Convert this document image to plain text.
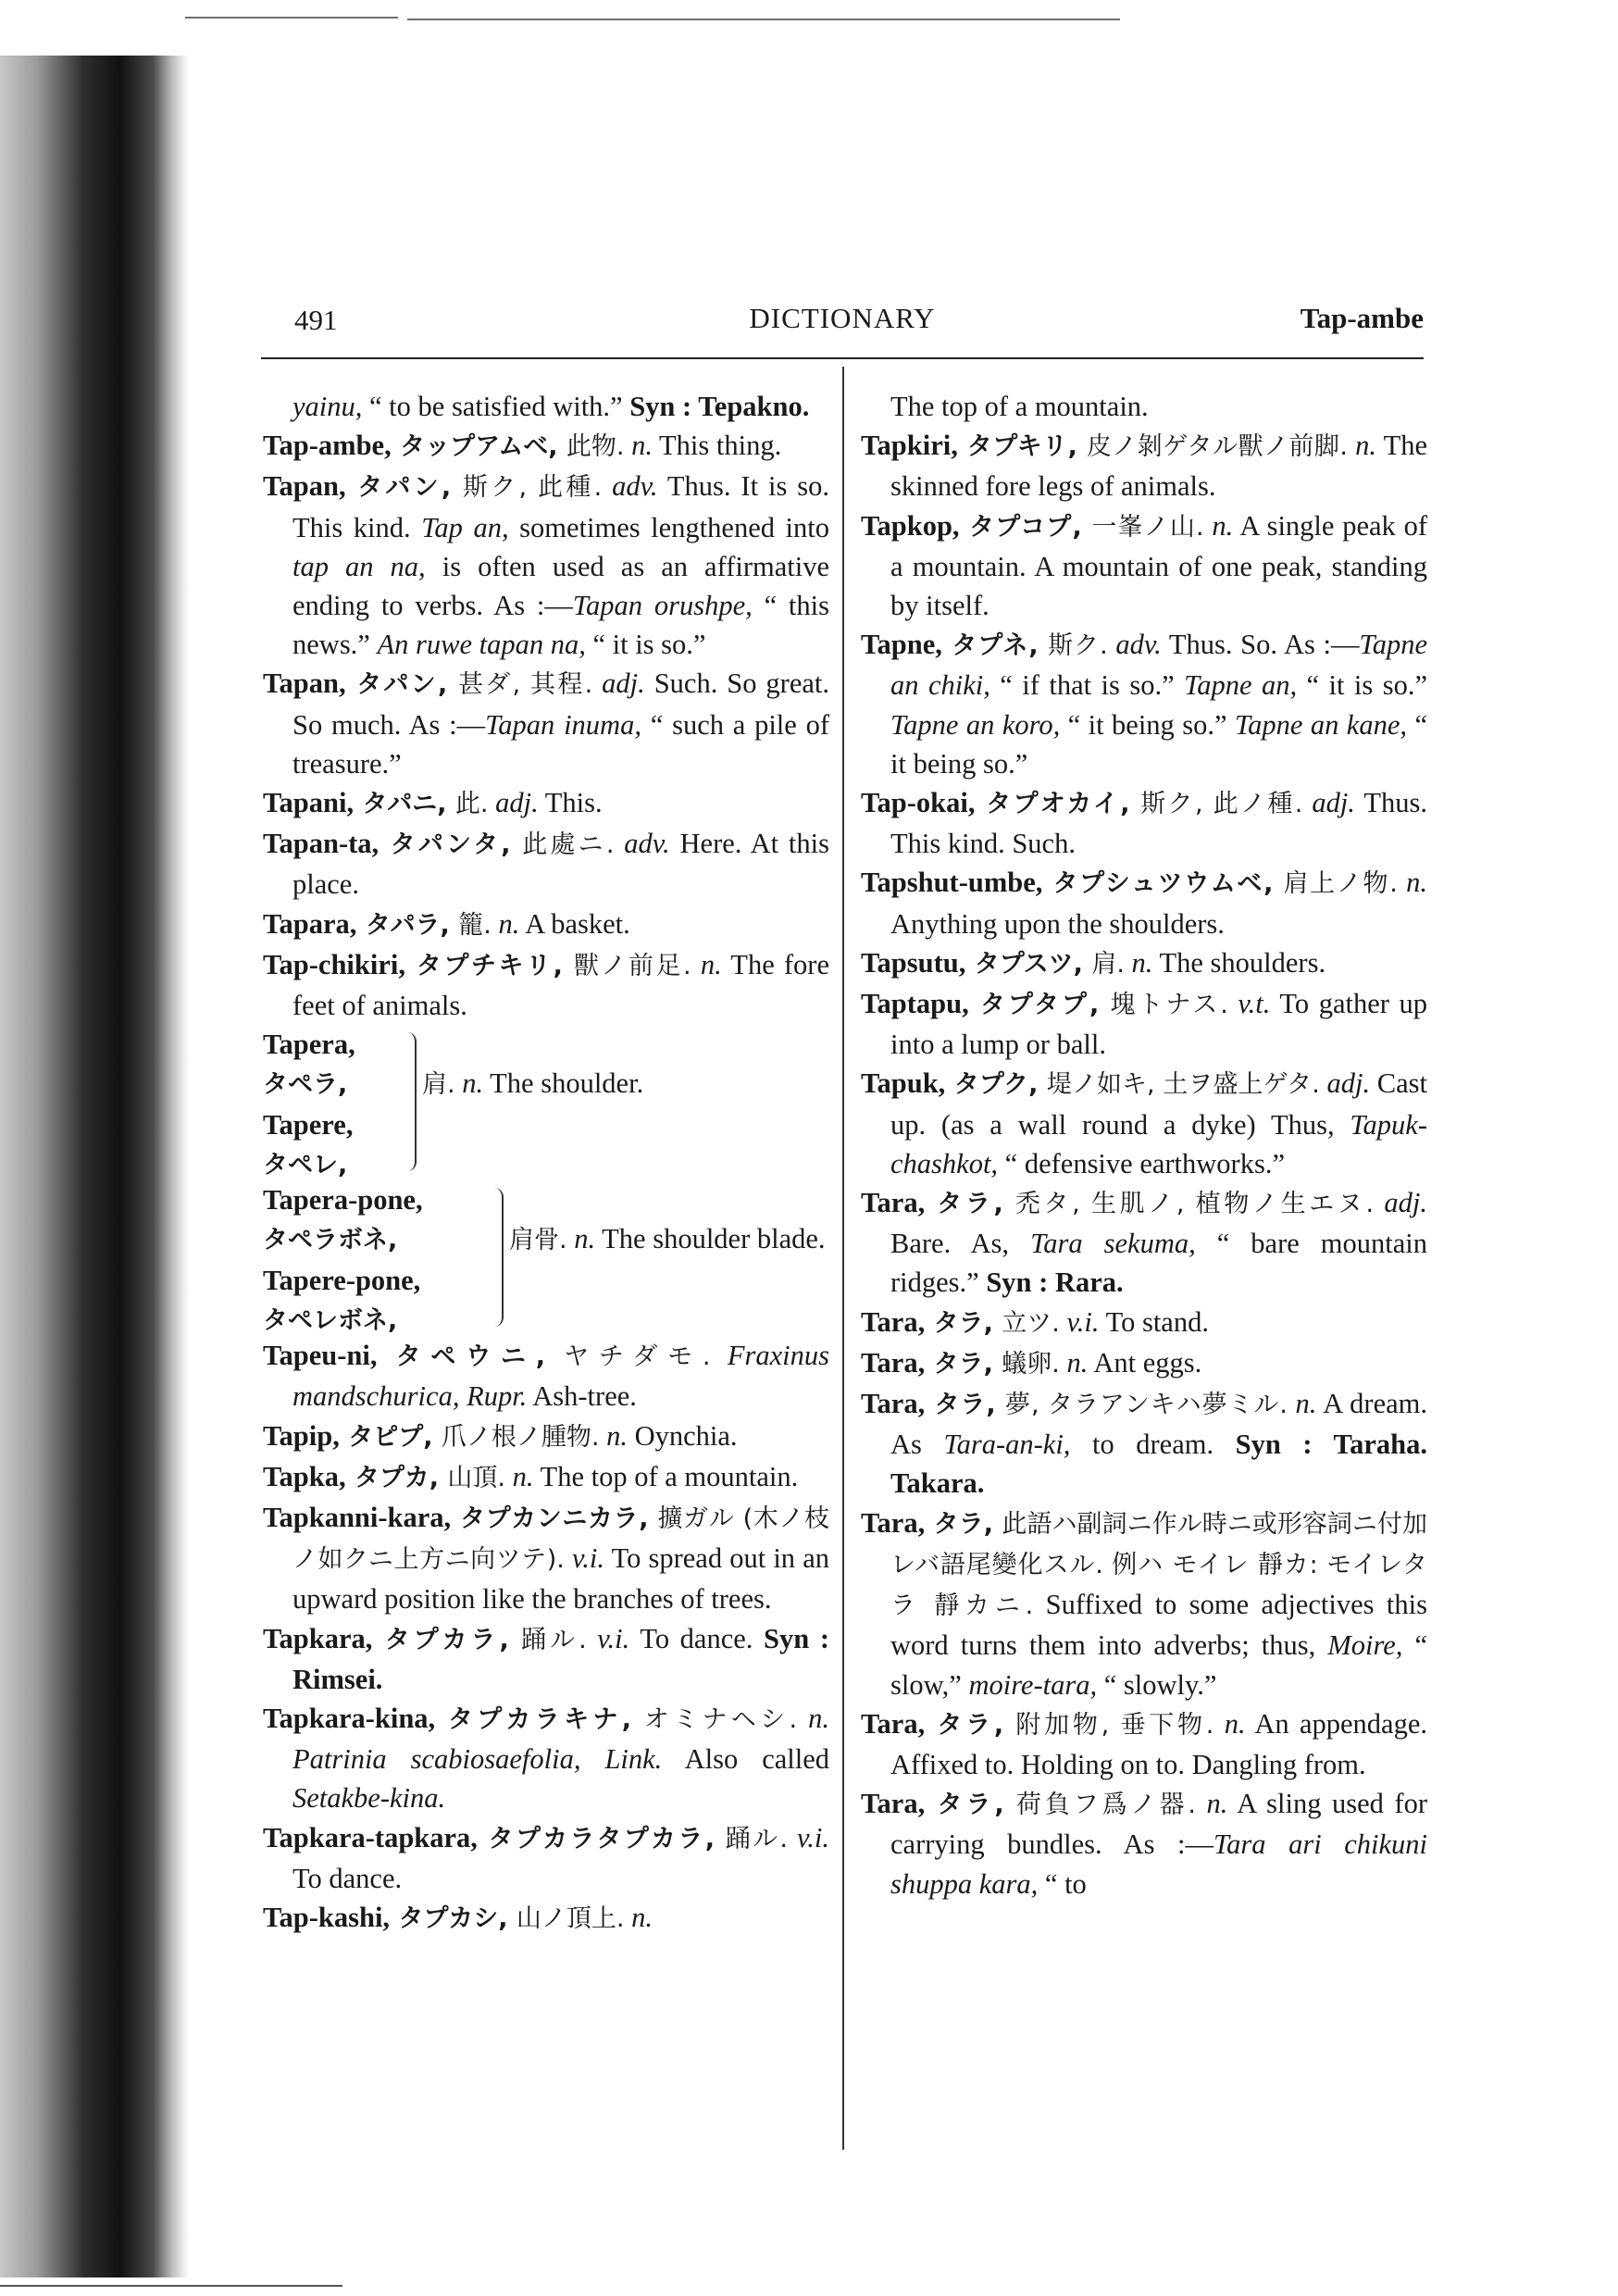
491	DICTIONARY	Tap-ambe
yainu, “ to be satisfied with.” Syn : Tepakno.
Tap-ambe, タップアムベ, 此物. n. This thing.
Tapan, タパン, 斯ク, 此種. adv. Thus. It is so. This kind. Tap an, sometimes lengthened into tap an na, is often used as an affirmative ending to verbs. As :—Tapan orushpe, “ this news.” An ruwe tapan na, “ it is so.”
Tapan, タパン, 甚ダ, 其程. adj. Such. So great. So much. As :—Tapan inuma, “ such a pile of treasure.”
Tapani, タパニ, 此. adj. This.
Tapan-ta, タパンタ, 此處ニ. adv. Here. At this place.
Tapara, タパラ, 籠. n. A basket.
Tap-chikiri, タプチキリ, 獸ノ前足. n. The fore feet of animals.
Tapera,
タペラ,
Tapere,
タペレ,
肩. n. The shoulder.
Tapera-pone,
タペラボネ,
Tapere-pone,
タペレボネ,
肩骨. n. The shoulder blade.
Tapeu-ni, タペウニ, ヤチダモ. Fraxinus mandschurica, Rupr. Ash-tree.
Tapip, タピプ, 爪ノ根ノ腫物. n. Oynchia.
Tapka, タプカ, 山頂. n. The top of a mountain.
Tapkanni-kara, タプカンニカラ, 擴ガル (木ノ枝ノ如クニ上方ニ向ツテ). v.i. To spread out in an upward position like the branches of trees.
Tapkara, タプカラ, 踊ル. v.i. To dance. Syn : Rimsei.
Tapkara-kina, タプカラキナ, オミナヘシ. n. Patrinia scabiosaefolia, Link. Also called Setakbe-kina.
Tapkara-tapkara, タプカラタプカラ, 踊ル. v.i. To dance.
Tap-kashi, タプカシ, 山ノ頂上. n.
The top of a mountain.
Tapkiri, タプキリ, 皮ノ剝ゲタル獸ノ前脚. n. The skinned fore legs of animals.
Tapkop, タプコプ, 一峯ノ山. n. A single peak of a mountain. A mountain of one peak, standing by itself.
Tapne, タプネ, 斯ク. adv. Thus. So. As :—Tapne an chiki, “ if that is so.” Tapne an, “ it is so.” Tapne an koro, “ it being so.” Tapne an kane, “ it being so.”
Tap-okai, タプオカイ, 斯ク, 此ノ種. adj. Thus. This kind. Such.
Tapshut-umbe, タプシュツウムベ, 肩上ノ物. n. Anything upon the shoulders.
Tapsutu, タプスツ, 肩. n. The shoulders.
Taptapu, タプタプ, 塊トナス. v.t. To gather up into a lump or ball.
Tapuk, タプク, 堤ノ如キ, 土ヲ盛上ゲタ. adj. Cast up. (as a wall round a dyke) Thus, Tapuk-chashkot, “ defensive earthworks.”
Tara, タラ, 禿タ, 生肌ノ, 植物ノ生エヌ. adj. Bare. As, Tara sekuma, “ bare mountain ridges.” Syn : Rara.
Tara, タラ, 立ツ. v.i. To stand.
Tara, タラ, 蟻卵. n. Ant eggs.
Tara, タラ, 夢, タラアンキハ夢ミル. n. A dream. As Tara-an-ki, to dream. Syn : Taraha. Takara.
Tara, タラ, 此語ハ副詞ニ作ル時ニ或形容詞ニ付加レバ語尾變化スル. 例ハ モイレ 靜カ: モイレタラ 靜カニ. Suffixed to some adjectives this word turns them into adverbs; thus, Moire, “ slow,” moire-tara, “ slowly.”
Tara, タラ, 附加物, 垂下物. n. An appendage. Affixed to. Holding on to. Dangling from.
Tara, タラ, 荷負フ爲ノ器. n. A sling used for carrying bundles. As :—Tara ari chikuni shuppa kara, “ to
